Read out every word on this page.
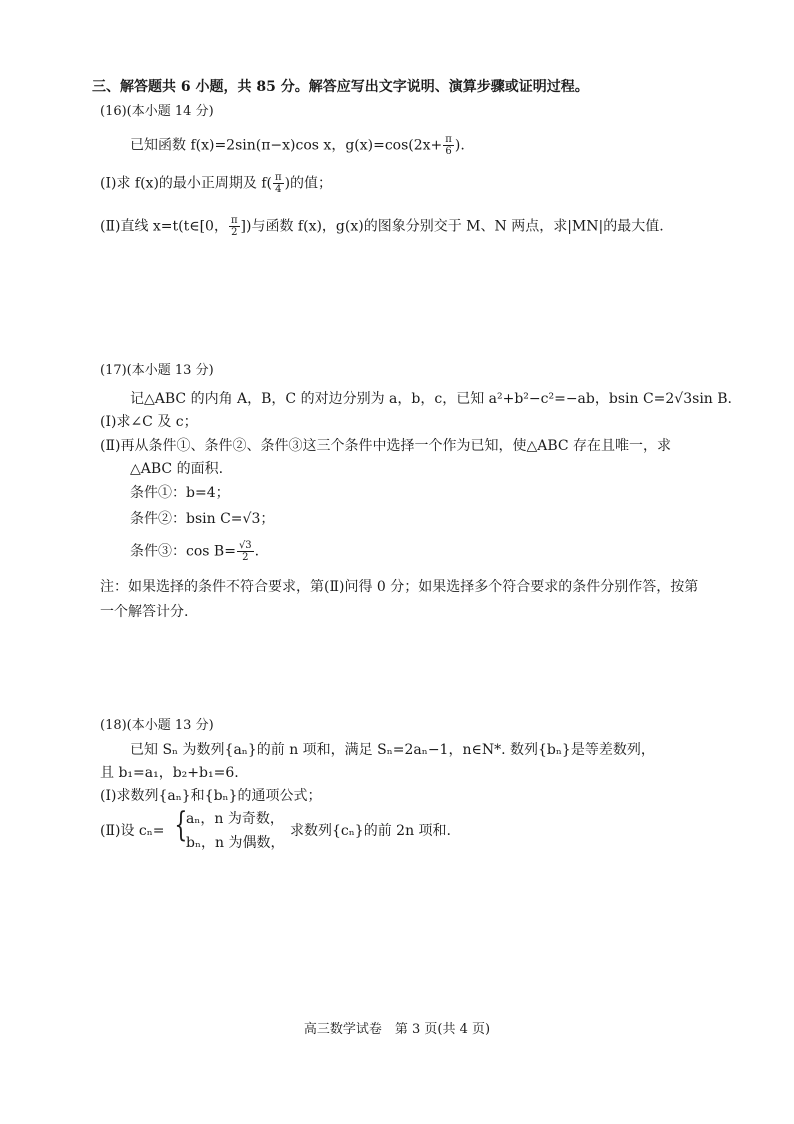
三、解答题共 6 小题，共 85 分。解答应写出文字说明、演算步骤或证明过程。
(16)(本小题 14 分)
已知函数 f(x)=2sin(π−x)cos x，$g(x)=\cos(2x+ \frac{\pi}{6}$ ).
(Ⅰ)求 f(x)的最小正周期及 $f( \frac{\pi}{4}$ )的值；
(Ⅱ)直线 x=t(t∈[0， $\frac{\pi}{2}$ ])与函数 f(x)，g(x)的图象分别交于 M、N 两点，求|MN|的最大值.
(17)(本小题 13 分)
记△ABC 的内角 A，B，C 的对边分别为 a，b，c，已知 a²+b²−c²=−ab，bsin C=2√3sin B.
(Ⅰ)求∠C 及 c；
(Ⅱ)再从条件①、条件②、条件③这三个条件中选择一个作为已知，使△ABC 存在且唯一，求
△ABC 的面积.
条件①：b=4；
条件②：bsin C=√3；
条件③：$\cos B= \frac{√3}{2}$ .
注：如果选择的条件不符合要求，第(Ⅱ)问得 0 分；如果选择多个符合要求的条件分别作答，按第
一个解答计分.
(18)(本小题 13 分)
已知 Sₙ 为数列{aₙ}的前 n 项和，满足 Sₙ=2aₙ−1，n∈N*. 数列{bₙ}是等差数列，
且 b₁=a₁，b₂+b₁=6.
(Ⅰ)求数列{aₙ}和{bₙ}的通项公式；
(Ⅱ)设 cₙ= {
aₙ，n 为奇数，
bₙ，n 为偶数，
求数列{cₙ}的前 2n 项和.
高三数学试卷　第 3 页(共 4 页)
